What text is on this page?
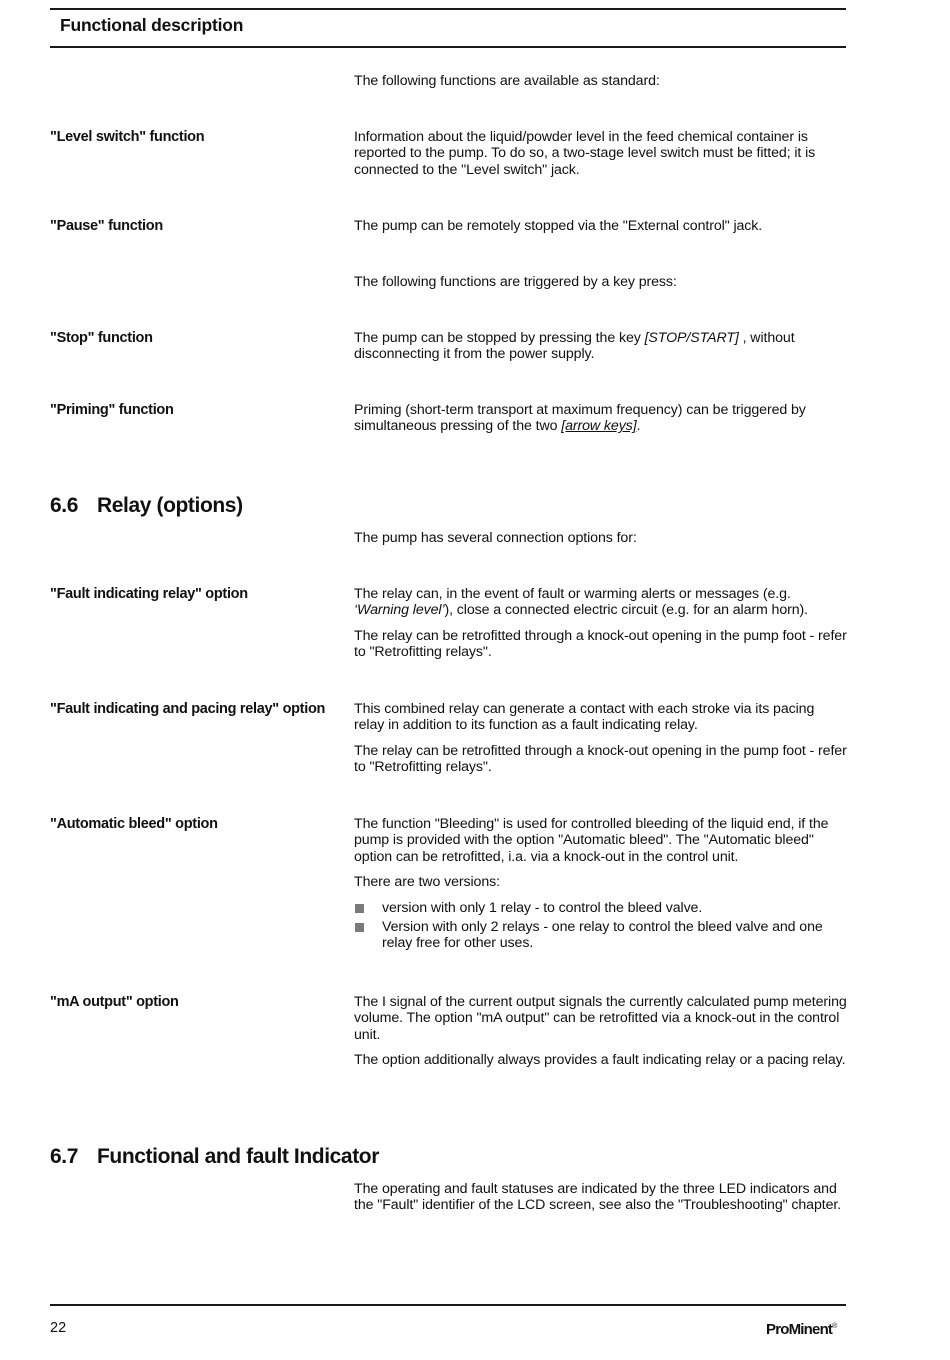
Functional description

The following functions are available as standard:

"Level switch" function	Information about the liquid/powder level in the feed chemical container is reported to the pump. To do so, a two-stage level switch must be fitted; it is connected to the "Level switch" jack.

"Pause" function	The pump can be remotely stopped via the "External control" jack.

The following functions are triggered by a key press:

"Stop" function	The pump can be stopped by pressing the key [STOP/START] , without disconnecting it from the power supply.

"Priming" function	Priming (short-term transport at maximum frequency) can be triggered by simultaneous pressing of the two [arrow keys].

6.6 Relay (options)

The pump has several connection options for:

"Fault indicating relay" option	The relay can, in the event of fault or warming alerts or messages (e.g. ‘Warning level’), close a connected electric circuit (e.g. for an alarm horn).

The relay can be retrofitted through a knock-out opening in the pump foot - refer to "Retrofitting relays".

"Fault indicating and pacing relay" option	This combined relay can generate a contact with each stroke via its pacing relay in addition to its function as a fault indicating relay.

The relay can be retrofitted through a knock-out opening in the pump foot - refer to "Retrofitting relays".

"Automatic bleed" option	The function "Bleeding" is used for controlled bleeding of the liquid end, if the pump is provided with the option "Automatic bleed". The "Automatic bleed" option can be retrofitted, i.a. via a knock-out in the control unit.

There are two versions:

version with only 1 relay - to control the bleed valve.
Version with only 2 relays - one relay to control the bleed valve and one relay free for other uses.
"mA output" option	The I signal of the current output signals the currently calculated pump metering volume. The option "mA output" can be retrofitted via a knock-out in the control unit.

The option additionally always provides a fault indicating relay or a pacing relay.

6.7 Functional and fault Indicator

The operating and fault statuses are indicated by the three LED indicators and the "Fault" identifier of the LCD screen, see also the "Troubleshooting" chapter.

22	ProMinent®
